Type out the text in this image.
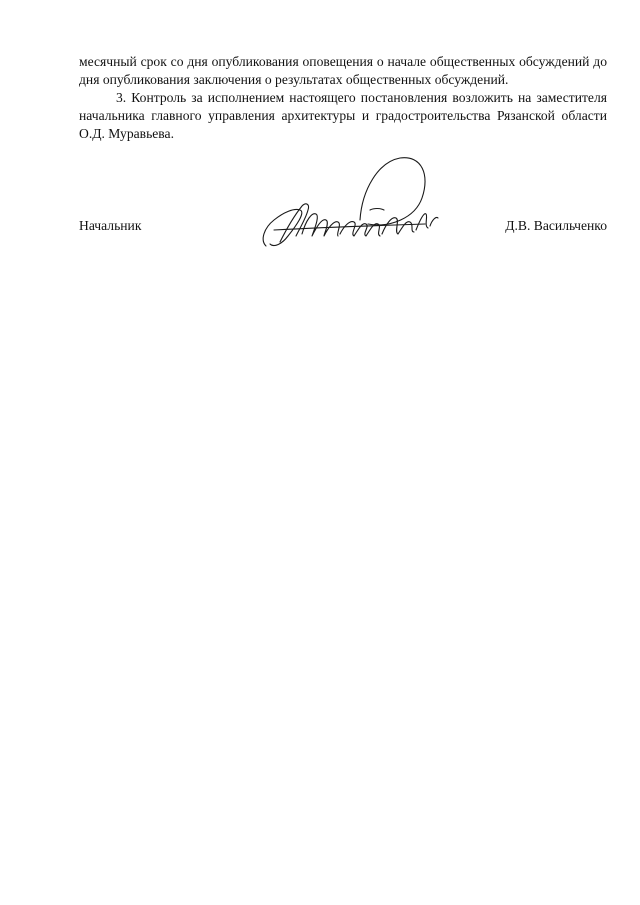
месячный срок со дня опубликования оповещения о начале общественных обсуждений до дня опубликования заключения о результатах общественных обсуждений.

3. Контроль за исполнением настоящего постановления возложить на заместителя начальника главного управления архитектуры и градостроительства Рязанской области О.Д. Муравьева.

Начальник	Д.В. Васильченко
